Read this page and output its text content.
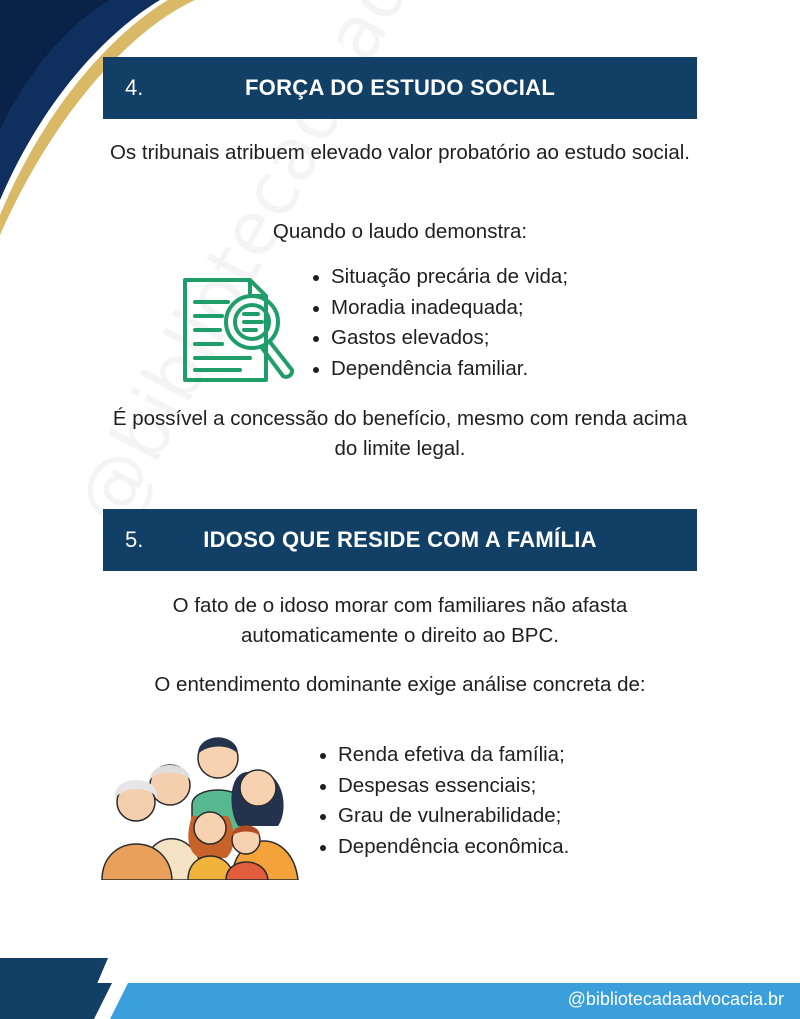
4.	FORÇA DO ESTUDO SOCIAL
Os tribunais atribuem elevado valor probatório ao estudo social.
Quando o laudo demonstra:
Situação precária de vida;
Moradia inadequada;
Gastos elevados;
Dependência familiar.
É possível a concessão do benefício, mesmo com renda acima do limite legal.
5.	IDOSO QUE RESIDE COM A FAMÍLIA
O fato de o idoso morar com familiares não afasta automaticamente o direito ao BPC.
O entendimento dominante exige análise concreta de:
Renda efetiva da família;
Despesas essenciais;
Grau de vulnerabilidade;
Dependência econômica.
@bibliotecadaadvocacia.br
